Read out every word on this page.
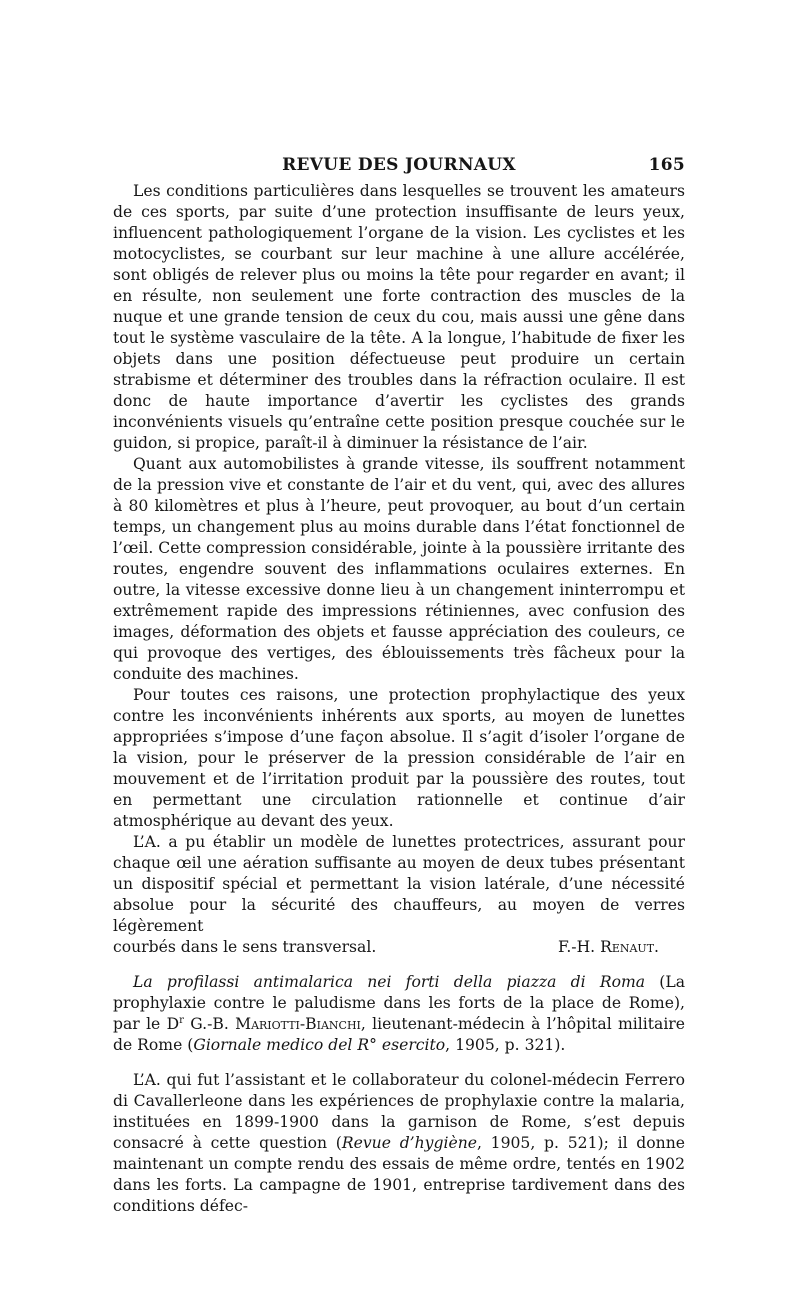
REVUE DES JOURNAUX	165

Les conditions particulières dans lesquelles se trouvent les amateurs de ces sports, par suite d’une protection insuffisante de leurs yeux, influencent pathologiquement l’organe de la vision. Les cyclistes et les motocyclistes, se courbant sur leur machine à une allure accélérée, sont obligés de relever plus ou moins la tête pour regarder en avant; il en résulte, non seulement une forte contraction des muscles de la nuque et une grande tension de ceux du cou, mais aussi une gêne dans tout le système vasculaire de la tête. A la longue, l’habitude de fixer les objets dans une position défectueuse peut produire un certain strabisme et déterminer des troubles dans la réfraction oculaire. Il est donc de haute importance d’avertir les cyclistes des grands inconvénients visuels qu’entraîne cette position presque couchée sur le guidon, si propice, paraît-il à diminuer la résistance de l’air.

Quant aux automobilistes à grande vitesse, ils souffrent notamment de la pression vive et constante de l’air et du vent, qui, avec des allures à 80 kilomètres et plus à l’heure, peut provoquer, au bout d’un certain temps, un changement plus au moins durable dans l’état fonctionnel de l’œil. Cette compression considérable, jointe à la poussière irritante des routes, engendre souvent des inflammations oculaires externes. En outre, la vitesse excessive donne lieu à un changement ininterrompu et extrêmement rapide des impressions rétiniennes, avec confusion des images, déformation des objets et fausse appréciation des couleurs, ce qui provoque des vertiges, des éblouissements très fâcheux pour la conduite des machines.

Pour toutes ces raisons, une protection prophylactique des yeux contre les inconvénients inhérents aux sports, au moyen de lunettes appropriées s’impose d’une façon absolue. Il s’agit d’isoler l’organe de la vision, pour le préserver de la pression considérable de l’air en mouvement et de l’irritation produit par la poussière des routes, tout en permettant une circulation rationnelle et continue d’air atmosphérique au devant des yeux.

L’A. a pu établir un modèle de lunettes protectrices, assurant pour chaque œil une aération suffisante au moyen de deux tubes présentant un dispositif spécial et permettant la vision latérale, d’une nécessité absolue pour la sécurité des chauffeurs, au moyen de verres légèrement

courbés dans le sens transversal.	F.-H. Renaut.

La profilassi antimalarica nei forti della piazza di Roma (La prophylaxie contre le paludisme dans les forts de la place de Rome), par le $D^r$ G.-B. Mariotti-Bianchi, lieutenant-médecin à l’hôpital militaire de Rome (Giornale medico del R° esercito, 1905, p. 321).

L’A. qui fut l’assistant et le collaborateur du colonel-médecin Ferrero di Cavallerleone dans les expériences de prophylaxie contre la malaria, instituées en 1899-1900 dans la garnison de Rome, s’est depuis consacré à cette question (Revue d’hygiène, 1905, p. 521); il donne maintenant un compte rendu des essais de même ordre, tentés en 1902 dans les forts. La campagne de 1901, entreprise tardivement dans des conditions défec-
